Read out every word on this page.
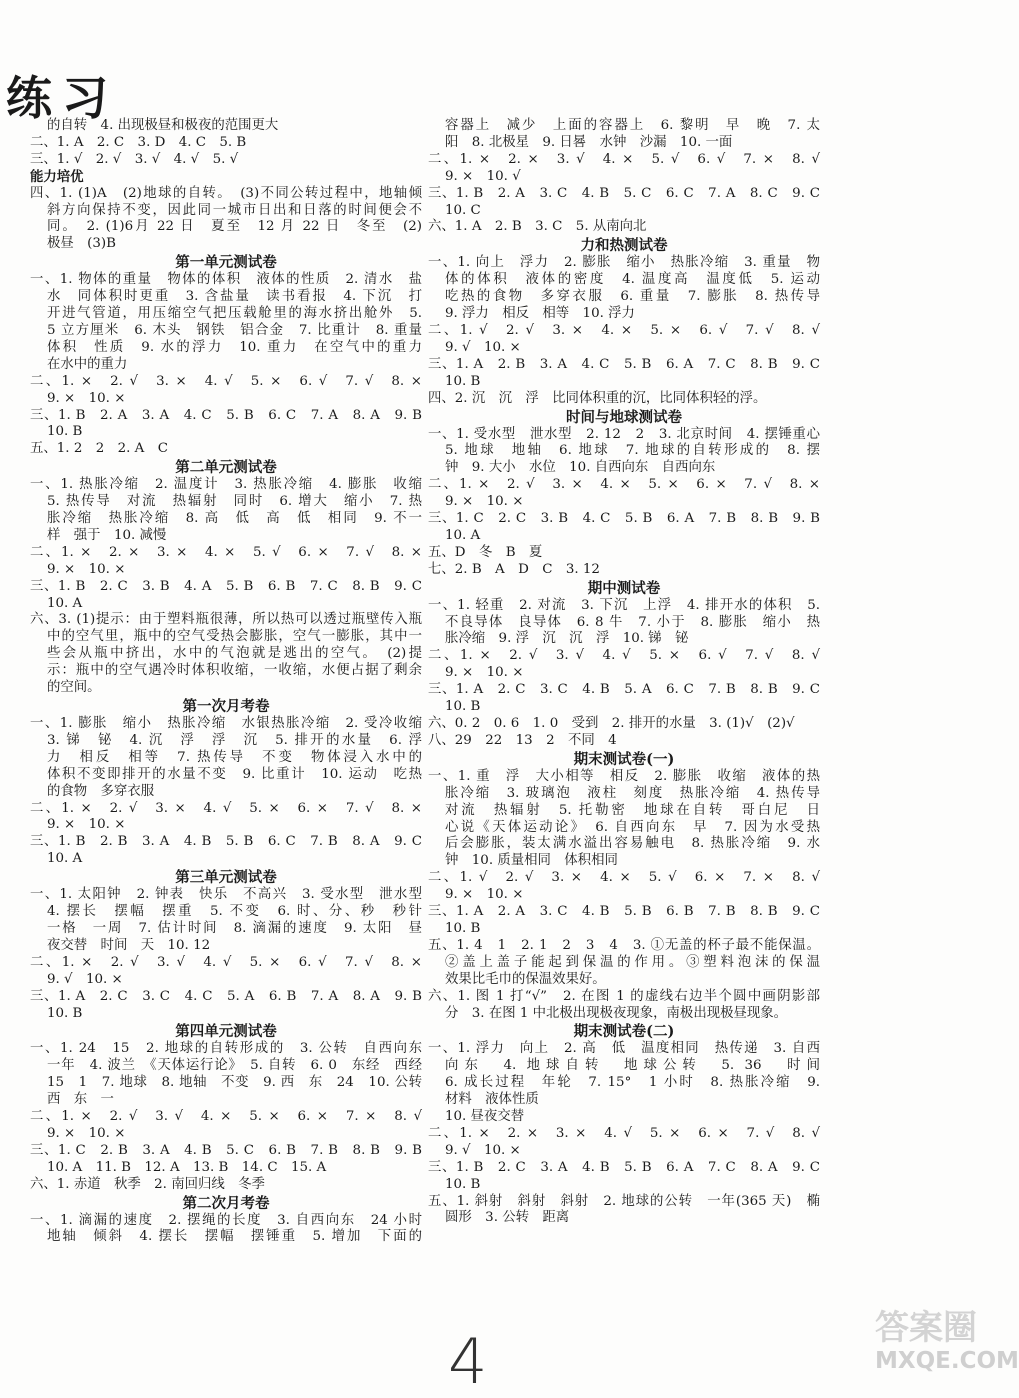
练习
的自转　4. 出现极昼和极夜的范围更大
二、1. A　2. C　3. D　4. C　5. B
三、1. √　2. √　3. √　4. √　5. √
能力培优
四、1. (1)A　(2)地球的自转。　(3)不同公转过程中，地轴倾
斜方向保持不变，因此同一城市日出和日落的时间便会不
同。　2. (1)6月 22 日　夏至　12 月 22 日　冬至　(2)
极昼　(3)B
第一单元测试卷
一、1. 物体的重量　物体的体积　液体的性质　2. 清水　盐
水　同体积时更重　3. 含盐量　读书看报　4. 下沉　打
开进气管道，用压缩空气把压载舱里的海水挤出舱外　5.
5 立方厘米　6. 木头　钢铁　铝合金　7. 比重计　8. 重量
体积　性质　9. 水的浮力　10. 重力　在空气中的重力
在水中的重力
二、1. ×　2. √　3. ×　4. √　5. ×　6. √　7. √　8. ×
9. ×　10. ×
三、1. B　2. A　3. A　4. C　5. B　6. C　7. A　8. A　9. B
10. B
五、1. 2　2　2. A　C
第二单元测试卷
一、1. 热胀冷缩　2. 温度计　3. 热胀冷缩　4. 膨胀　收缩
5. 热传导　对流　热辐射　同时　6. 增大　缩小　7. 热
胀冷缩　热胀冷缩　8. 高　低　高　低　相同　9. 不一
样　强于　10. 减慢
二、1. ×　2. ×　3. ×　4. ×　5. √　6. ×　7. √　8. ×
9. ×　10. ×
三、1. B　2. C　3. B　4. A　5. B　6. B　7. C　8. B　9. C
10. A
六、3. (1)提示：由于塑料瓶很薄，所以热可以透过瓶壁传入瓶
中的空气里，瓶中的空气受热会膨胀，空气一膨胀，其中一
些会从瓶中挤出，水中的气泡就是逃出的空气。　(2)提
示：瓶中的空气遇冷时体积收缩，一收缩，水便占据了剩余
的空间。
第一次月考卷
一、1. 膨胀　缩小　热胀冷缩　水银热胀冷缩　2. 受冷收缩
3. 锑　铋　4. 沉　浮　浮　沉　5. 排开的水量　6. 浮
力　相反　相等　7. 热传导　不变　物体浸入水中的
体积不变即排开的水量不变　9. 比重计　10. 运动　吃热
的食物　多穿衣服
二、1. ×　2. √　3. ×　4. √　5. ×　6. ×　7. √　8. ×
9. ×　10. ×
三、1. B　2. B　3. A　4. B　5. B　6. C　7. B　8. A　9. C
10. A
第三单元测试卷
一、1. 太阳钟　2. 钟表　快乐　不高兴　3. 受水型　泄水型
4. 摆长　摆幅　摆重　5. 不变　6. 时、分、秒　秒针
一格　一周　7. 估计时间　8. 滴漏的速度　9. 太阳　昼
夜交替　时间　天　10. 12
二、1. ×　2. √　3. √　4. √　5. ×　6. √　7. √　8. ×
9. √　10. ×
三、1. A　2. C　3. C　4. C　5. A　6. B　7. A　8. A　9. B
10. B
第四单元测试卷
一、1. 24　15　2. 地球的自转形成的　3. 公转　自西向东
一年　4. 波兰　《天体运行论》　5. 自转　6. 0　东经　西经
15　1　7. 地球　8. 地轴　不变　9. 西　东　24　10. 公转
西　东　一
二、1. ×　2. √　3. √　4. ×　5. ×　6. ×　7. ×　8. √
9. ×　10. ×
三、1. C　2. B　3. A　4. B　5. C　6. B　7. B　8. B　9. B
10. A　11. B　12. A　13. B　14. C　15. A
六、1. 赤道　秋季　2. 南回归线　冬季
第二次月考卷
一、1. 滴漏的速度　2. 摆绳的长度　3. 自西向东　24 小时
地轴　倾斜　4. 摆长　摆幅　摆锤重　5. 增加　下面的
容器上　减少　上面的容器上　6. 黎明　早　晚　7. 太
阳　8. 北极星　9. 日晷　水钟　沙漏　10. 一面
二、1. ×　2. ×　3. √　4. ×　5. √　6. √　7. ×　8. √
9. ×　10. √
三、1. B　2. A　3. C　4. B　5. C　6. C　7. A　8. C　9. C
10. C
六、1. A　2. B　3. C　5. 从南向北
力和热测试卷
一、1. 向上　浮力　2. 膨胀　缩小　热胀冷缩　3. 重量　物
体的体积　液体的密度　4. 温度高　温度低　5. 运动
吃热的食物　多穿衣服　6. 重量　7. 膨胀　8. 热传导
9. 浮力　相反　相等　10. 浮力
二、1. √　2. √　3. ×　4. ×　5. ×　6. √　7. √　8. √
9. √　10. ×
三、1. A　2. B　3. A　4. C　5. B　6. A　7. C　8. B　9. C
10. B
四、2. 沉　沉　浮　比同体积重的沉，比同体积轻的浮。
时间与地球测试卷
一、1. 受水型　泄水型　2. 12　2　3. 北京时间　4. 摆锤重心
5. 地球　地轴　6. 地球　7. 地球的自转形成的　8. 摆
钟　9. 大小　水位　10. 自西向东　自西向东
二、1. ×　2. √　3. ×　4. ×　5. ×　6. ×　7. √　8. ×
9. ×　10. ×
三、1. C　2. C　3. B　4. C　5. B　6. A　7. B　8. B　9. B
10. A
五、D　冬　B　夏
七、2. B　A　D　C　3. 12
期中测试卷
一、1. 轻重　2. 对流　3. 下沉　上浮　4. 排开水的体积　5.
不良导体　良导体　6. 8 牛　7. 小于　8. 膨胀　缩小　热
胀冷缩　9. 浮　沉　沉　浮　10. 锑　铋
二、1. ×　2. √　3. √　4. √　5. ×　6. √　7. √　8. √
9. ×　10. ×
三、1. A　2. C　3. C　4. B　5. A　6. C　7. B　8. B　9. C
10. B
六、0. 2　0. 6　1. 0　受到　2. 排开的水量　3. (1)√　(2)√
八、29　22　13　2　不同　4
期末测试卷(一)
一、1. 重　浮　大小相等　相反　2. 膨胀　收缩　液体的热
胀冷缩　3. 玻璃泡　液柱　刻度　热胀冷缩　4. 热传导
对流　热辐射　5. 托勒密　地球在自转　哥白尼　日
心说《天体运动论》　6. 自西向东　早　7. 因为水受热
后会膨胀，装太满水溢出容易触电　8. 热胀冷缩　9. 水
钟　10. 质量相同　体积相同
二、1. √　2. √　3. ×　4. ×　5. √　6. ×　7. ×　8. √
9. ×　10. ×
三、1. A　2. A　3. C　4. B　5. B　6. B　7. B　8. B　9. C
10. B
五、1. 4　1　2. 1　2　3　4　3. ①无盖的杯子最不能保温。
②盖上盖子能起到保温的作用。③塑料泡沫的保温
效果比毛巾的保温效果好。
六、1. 图 1 打“√”　2. 在图 1 的虚线右边半个圆中画阴影部
分　3. 在图 1 中北极出现极夜现象，南极出现极昼现象。
期末测试卷(二)
一、1. 浮力　向上　2. 高　低　温度相同　热传递　3. 自西
向东　4. 地球自转　地球公转　5. 36　时间
6. 成长过程　年轮　7. 15°　1 小时　8. 热胀冷缩　9.
材料　液体性质
10. 昼夜交替
二、1. ×　2. ×　3. ×　4. √　5. ×　6. ×　7. √　8. √
9. √　10. ×
三、1. B　2. C　3. A　4. B　5. B　6. A　7. C　8. A　9. C
10. B
五、1. 斜射　斜射　斜射　2. 地球的公转　一年(365 天)　椭
圆形　3. 公转　距离
4	答案圈
MXQE.COM
